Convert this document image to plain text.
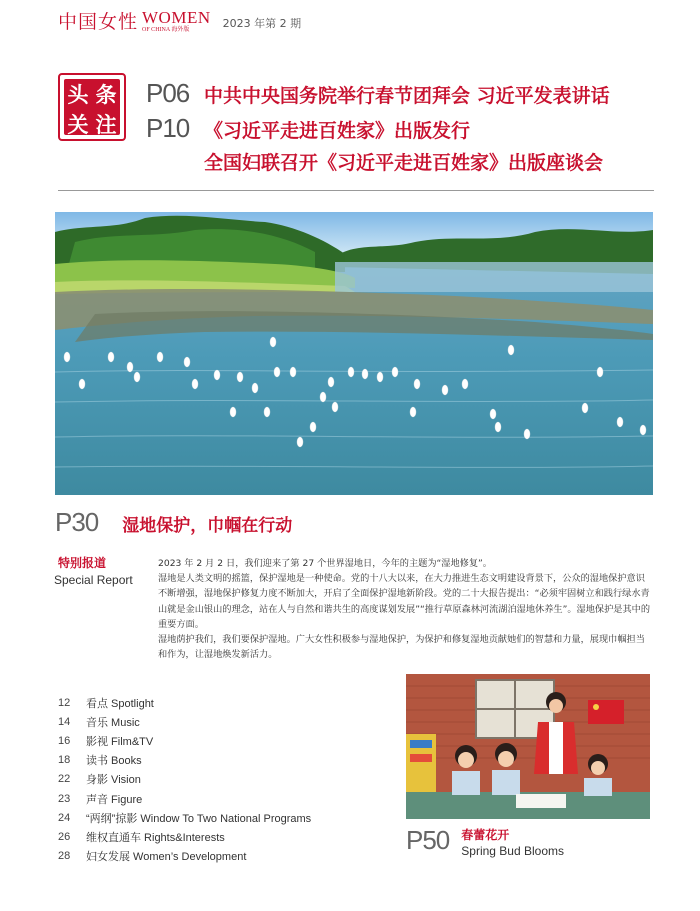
中国女性 WOMEN
OF CHINA 海外版	2023 年第 2 期
头 条
关 注
P06 中共中央国务院举行春节团拜会 习近平发表讲话
P10 《习近平走进百姓家》出版发行
全国妇联召开《习近平走进百姓家》出版座谈会
P30 湿地保护，巾帼在行动
特别报道
Special Report

2023 年 2 月 2 日，我们迎来了第 27 个世界湿地日，今年的主题为“湿地修复”。

湿地是人类文明的摇篮，保护湿地是一种使命。党的十八大以来，在大力推进生态文明建设背景下，公众的湿地保护意识不断增强，湿地保护修复力度不断加大，开启了全面保护湿地新阶段。党的二十大报告提出：“必须牢固树立和践行绿水青山就是金山银山的理念，站在人与自然和谐共生的高度谋划发展”“推行草原森林河流湖泊湿地休养生”。湿地保护是其中的重要方面。

湿地荫护我们，我们要保护湿地。广大女性积极参与湿地保护，为保护和修复湿地贡献她们的智慧和力量，展现巾帼担当和作为，让湿地焕发新活力。

12	看点 Spotlight
14	音乐 Music
16	影视 Film&TV
18	读书 Books
22	身影 Vision
23	声音 Figure
24	“两纲”掠影 Window To Two National Programs
26	维权直通车 Rights&Interests
28	妇女发展 Women’s Development
P50 春蕾花开
Spring Bud Blooms
